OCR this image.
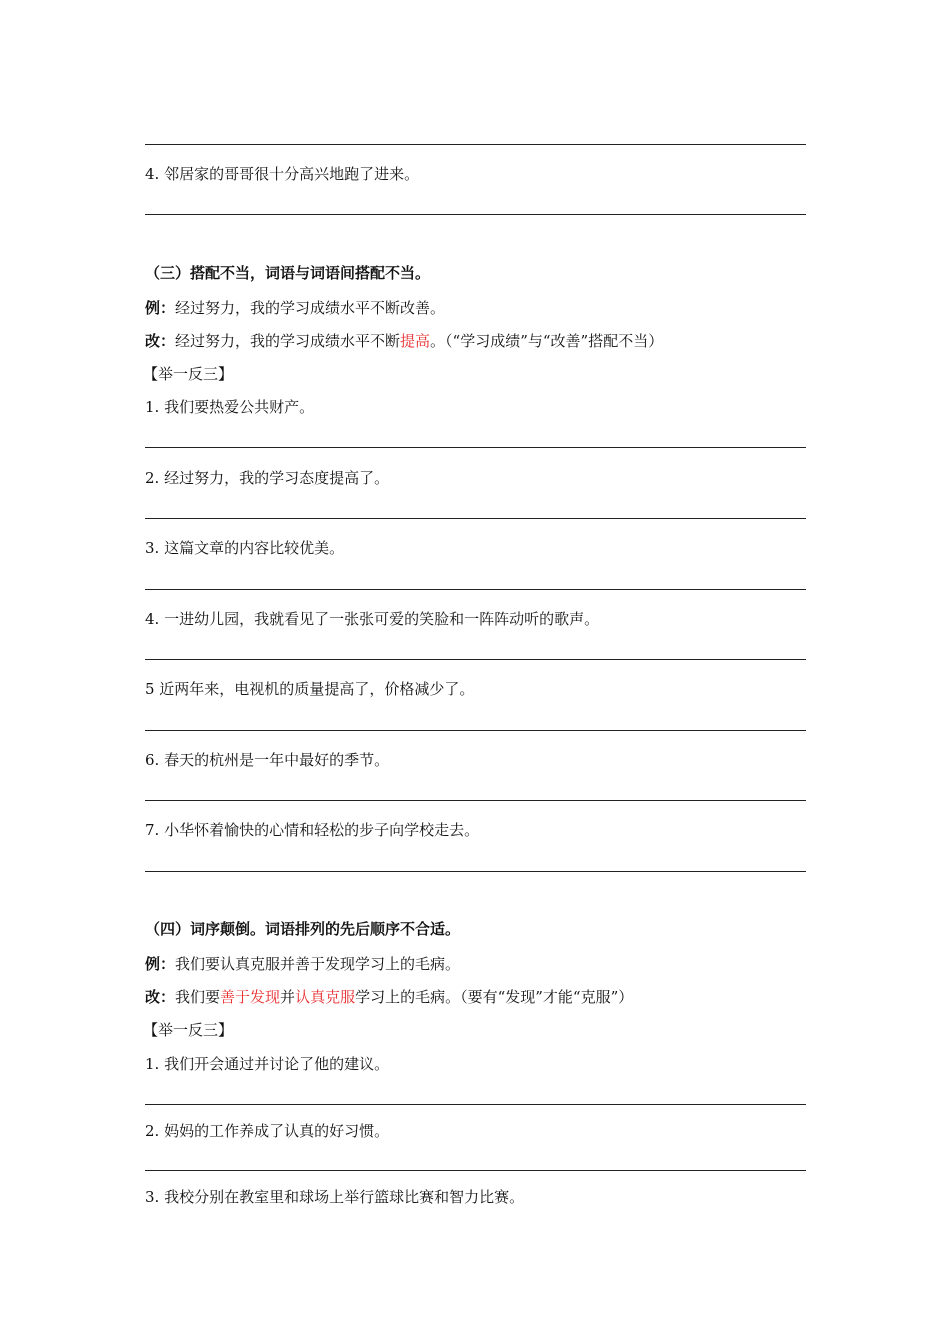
4. 邻居家的哥哥很十分高兴地跑了进来。
（三）搭配不当，词语与词语间搭配不当。
例：经过努力，我的学习成绩水平不断改善。
改：经过努力，我的学习成绩水平不断提高。（“学习成绩”与“改善”搭配不当）
【举一反三】
1. 我们要热爱公共财产。
2. 经过努力，我的学习态度提高了。
3. 这篇文章的内容比较优美。
4. 一进幼儿园，我就看见了一张张可爱的笑脸和一阵阵动听的歌声。
5 近两年来，电视机的质量提高了，价格减少了。
6. 春天的杭州是一年中最好的季节。
7. 小华怀着愉快的心情和轻松的步子向学校走去。
（四）词序颠倒。词语排列的先后顺序不合适。
例：我们要认真克服并善于发现学习上的毛病。
改：我们要善于发现并认真克服学习上的毛病。（要有“发现”才能“克服”）
【举一反三】
1. 我们开会通过并讨论了他的建议。
2. 妈妈的工作养成了认真的好习惯。
3. 我校分别在教室里和球场上举行篮球比赛和智力比赛。
